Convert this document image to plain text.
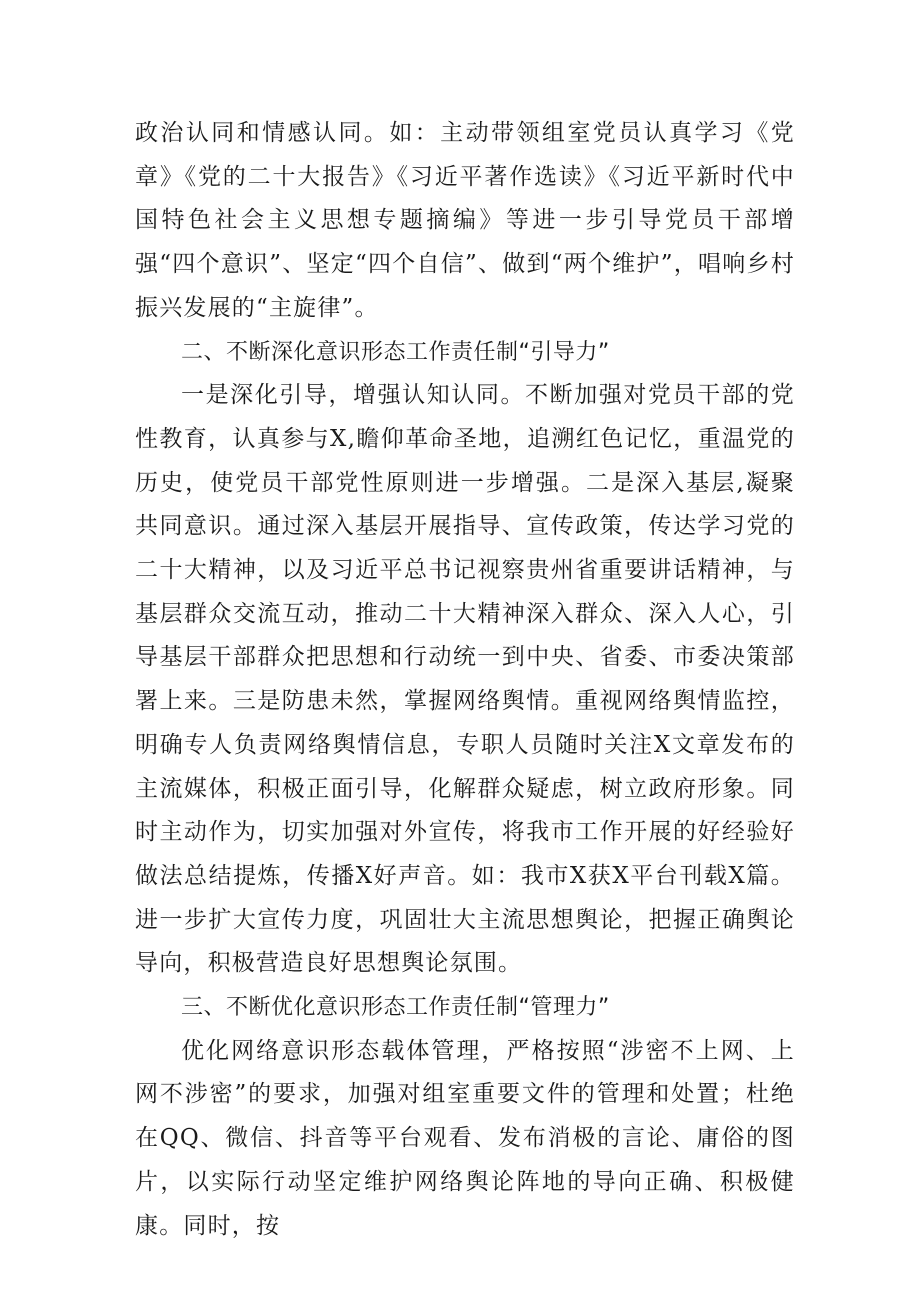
政治认同和情感认同。如：主动带领组室党员认真学习《党章》《党的二十大报告》《习近平著作选读》《习近平新时代中国特色社会主义思想专题摘编》等进一步引导党员干部增强“四个意识”、坚定“四个自信”、做到“两个维护”，唱响乡村振兴发展的“主旋律”。

二、不断深化意识形态工作责任制“引导力”

一是深化引导，增强认知认同。不断加强对党员干部的党性教育，认真参与X,瞻仰革命圣地，追溯红色记忆，重温党的历史，使党员干部党性原则进一步增强。二是深入基层,凝聚共同意识。通过深入基层开展指导、宣传政策，传达学习党的二十大精神，以及习近平总书记视察贵州省重要讲话精神，与基层群众交流互动，推动二十大精神深入群众、深入人心，引导基层干部群众把思想和行动统一到中央、省委、市委决策部署上来。三是防患未然，掌握网络舆情。重视网络舆情监控，明确专人负责网络舆情信息，专职人员随时关注X文章发布的主流媒体，积极正面引导，化解群众疑虑，树立政府形象。同时主动作为，切实加强对外宣传，将我市工作开展的好经验好做法总结提炼，传播X好声音。如：我市X获X平台刊载X篇。进一步扩大宣传力度，巩固壮大主流思想舆论，把握正确舆论导向，积极营造良好思想舆论氛围。

三、不断优化意识形态工作责任制“管理力”

优化网络意识形态载体管理，严格按照“涉密不上网、上网不涉密”的要求，加强对组室重要文件的管理和处置；杜绝在QQ、微信、抖音等平台观看、发布消极的言论、庸俗的图片，以实际行动坚定维护网络舆论阵地的导向正确、积极健康。同时，按
